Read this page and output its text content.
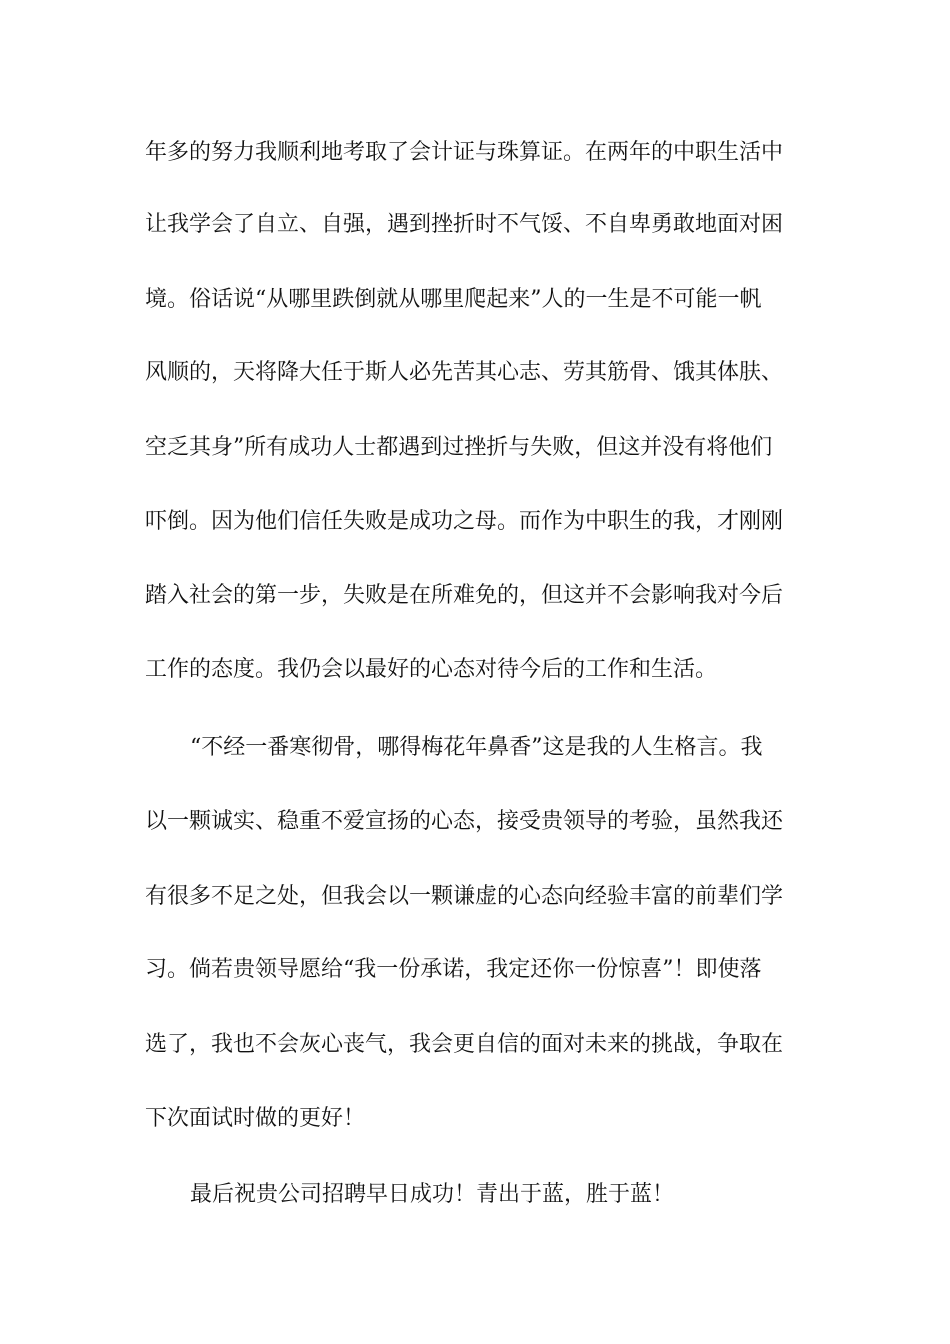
年多的努力我顺利地考取了会计证与珠算证。在两年的中职生活中
让我学会了自立、自强，遇到挫折时不气馁、不自卑勇敢地面对困
境。俗话说“从哪里跌倒就从哪里爬起来”人的一生是不可能一帆
风顺的，天将降大任于斯人必先苦其心志、劳其筋骨、饿其体肤、
空乏其身”所有成功人士都遇到过挫折与失败，但这并没有将他们
吓倒。因为他们信任失败是成功之母。而作为中职生的我，才刚刚
踏入社会的第一步，失败是在所难免的，但这并不会影响我对今后
工作的态度。我仍会以最好的心态对待今后的工作和生活。
“不经一番寒彻骨，哪得梅花年鼻香”这是我的人生格言。我
以一颗诚实、稳重不爱宣扬的心态，接受贵领导的考验，虽然我还
有很多不足之处，但我会以一颗谦虚的心态向经验丰富的前辈们学
习。倘若贵领导愿给“我一份承诺，我定还你一份惊喜”！即使落
选了，我也不会灰心丧气，我会更自信的面对未来的挑战，争取在
下次面试时做的更好！
最后祝贵公司招聘早日成功！青出于蓝，胜于蓝！
